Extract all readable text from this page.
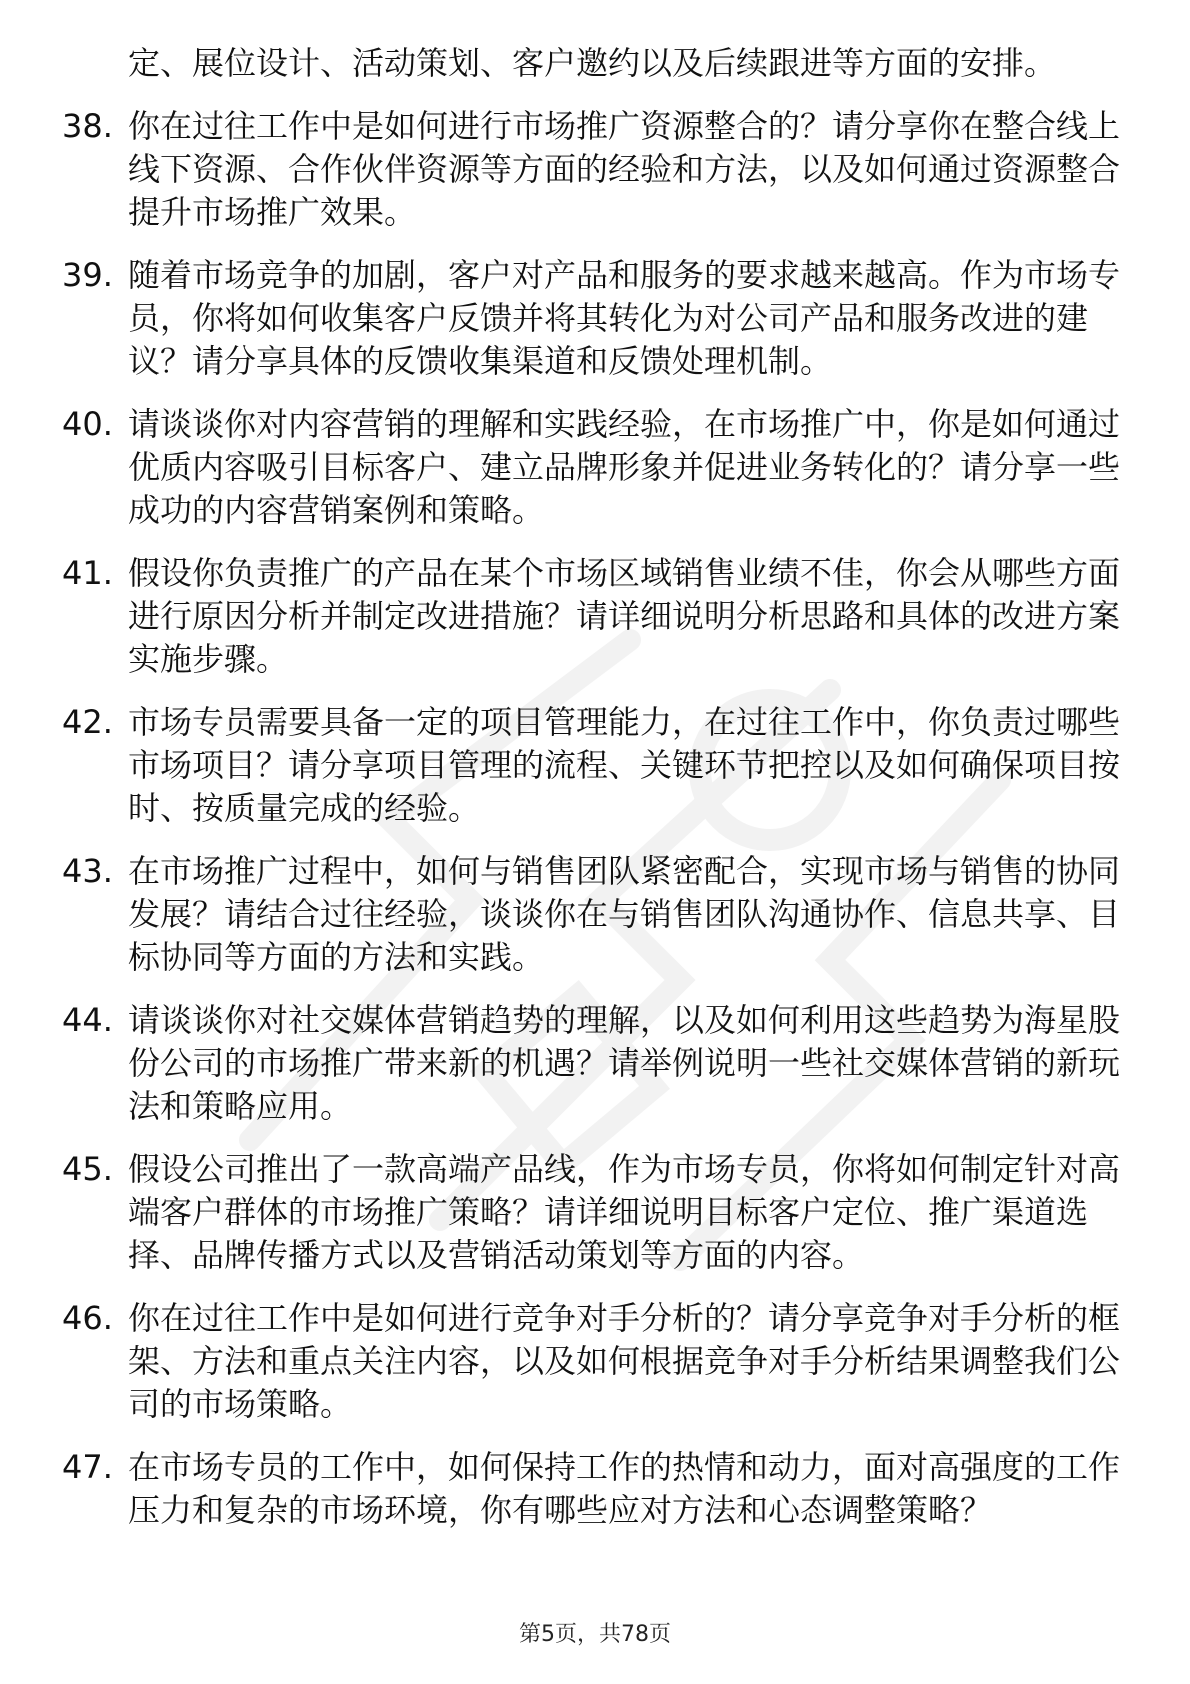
定、展位设计、活动策划、客户邀约以及后续跟进等方面的安排。
38. 你在过往工作中是如何进行市场推广资源整合的？请分享你在整合线上线下资源、合作伙伴资源等方面的经验和方法，以及如何通过资源整合提升市场推广效果。
39. 随着市场竞争的加剧，客户对产品和服务的要求越来越高。作为市场专员，你将如何收集客户反馈并将其转化为对公司产品和服务改进的建议？请分享具体的反馈收集渠道和反馈处理机制。
40. 请谈谈你对内容营销的理解和实践经验，在市场推广中，你是如何通过优质内容吸引目标客户、建立品牌形象并促进业务转化的？请分享一些成功的内容营销案例和策略。
41. 假设你负责推广的产品在某个市场区域销售业绩不佳，你会从哪些方面进行原因分析并制定改进措施？请详细说明分析思路和具体的改进方案实施步骤。
42. 市场专员需要具备一定的项目管理能力，在过往工作中，你负责过哪些市场项目？请分享项目管理的流程、关键环节把控以及如何确保项目按时、按质量完成的经验。
43. 在市场推广过程中，如何与销售团队紧密配合，实现市场与销售的协同发展？请结合过往经验，谈谈你在与销售团队沟通协作、信息共享、目标协同等方面的方法和实践。
44. 请谈谈你对社交媒体营销趋势的理解，以及如何利用这些趋势为海星股份公司的市场推广带来新的机遇？请举例说明一些社交媒体营销的新玩法和策略应用。
45. 假设公司推出了一款高端产品线，作为市场专员，你将如何制定针对高端客户群体的市场推广策略？请详细说明目标客户定位、推广渠道选择、品牌传播方式以及营销活动策划等方面的内容。
46. 你在过往工作中是如何进行竞争对手分析的？请分享竞争对手分析的框架、方法和重点关注内容，以及如何根据竞争对手分析结果调整我们公司的市场策略。
47. 在市场专员的工作中，如何保持工作的热情和动力，面对高强度的工作压力和复杂的市场环境，你有哪些应对方法和心态调整策略？
第5页，共78页
